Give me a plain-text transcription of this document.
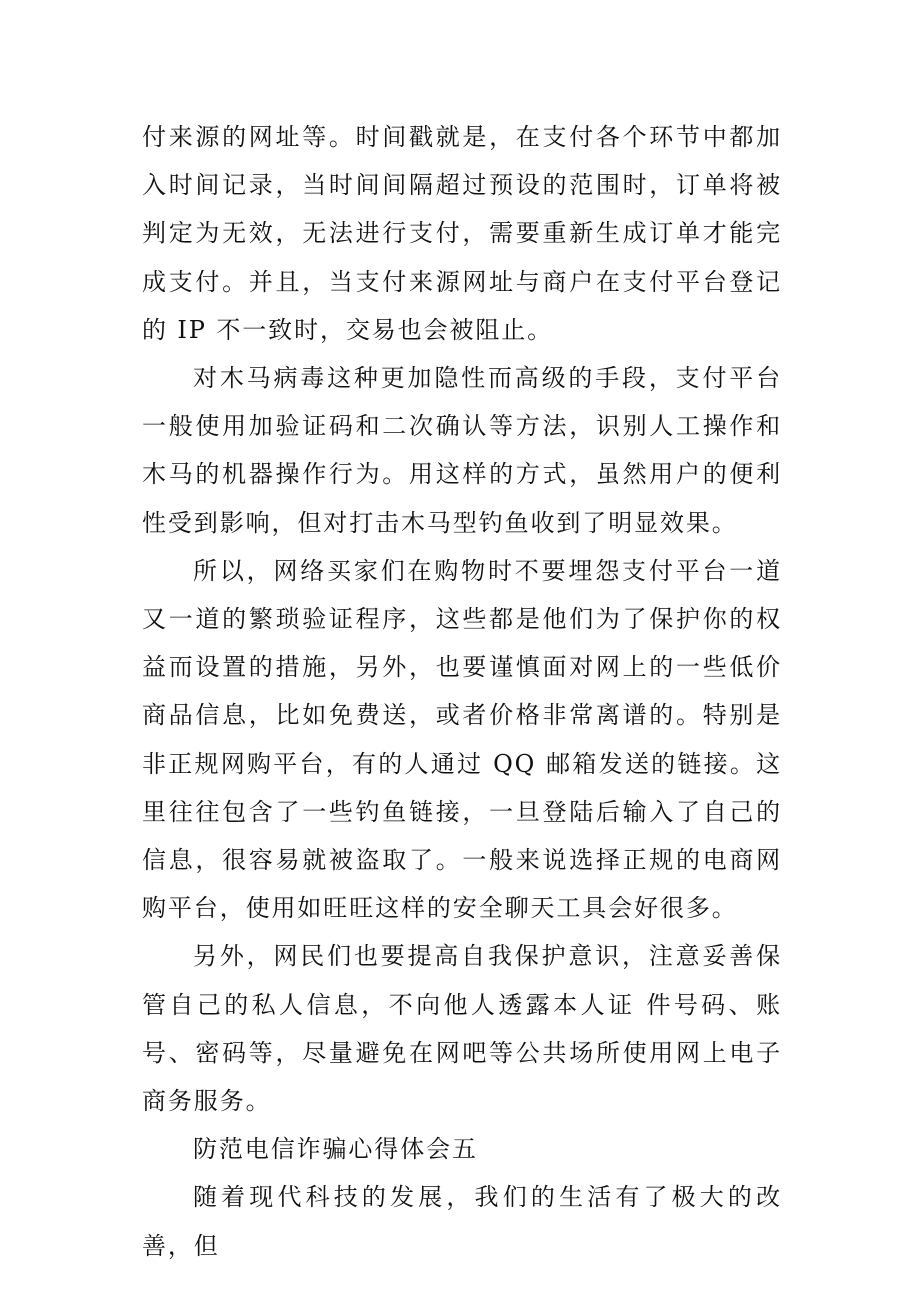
付来源的网址等。时间戳就是，在支付各个环节中都加入时间记录，当时间间隔超过预设的范围时，订单将被判定为无效，无法进行支付，需要重新生成订单才能完成支付。并且，当支付来源网址与商户在支付平台登记的 IP 不一致时，交易也会被阻止。

对木马病毒这种更加隐性而高级的手段，支付平台一般使用加验证码和二次确认等方法，识别人工操作和木马的机器操作行为。用这样的方式，虽然用户的便利性受到影响，但对打击木马型钓鱼收到了明显效果。

所以，网络买家们在购物时不要埋怨支付平台一道又一道的繁琐验证程序，这些都是他们为了保护你的权益而设置的措施，另外，也要谨慎面对网上的一些低价商品信息，比如免费送，或者价格非常离谱的。特别是非正规网购平台，有的人通过 QQ 邮箱发送的链接。这里往往包含了一些钓鱼链接，一旦登陆后输入了自己的信息，很容易就被盗取了。一般来说选择正规的电商网购平台，使用如旺旺这样的安全聊天工具会好很多。

另外，网民们也要提高自我保护意识，注意妥善保管自己的私人信息，不向他人透露本人证 件号码、账号、密码等，尽量避免在网吧等公共场所使用网上电子商务服务。

防范电信诈骗心得体会五

随着现代科技的发展，我们的生活有了极大的改善，但
